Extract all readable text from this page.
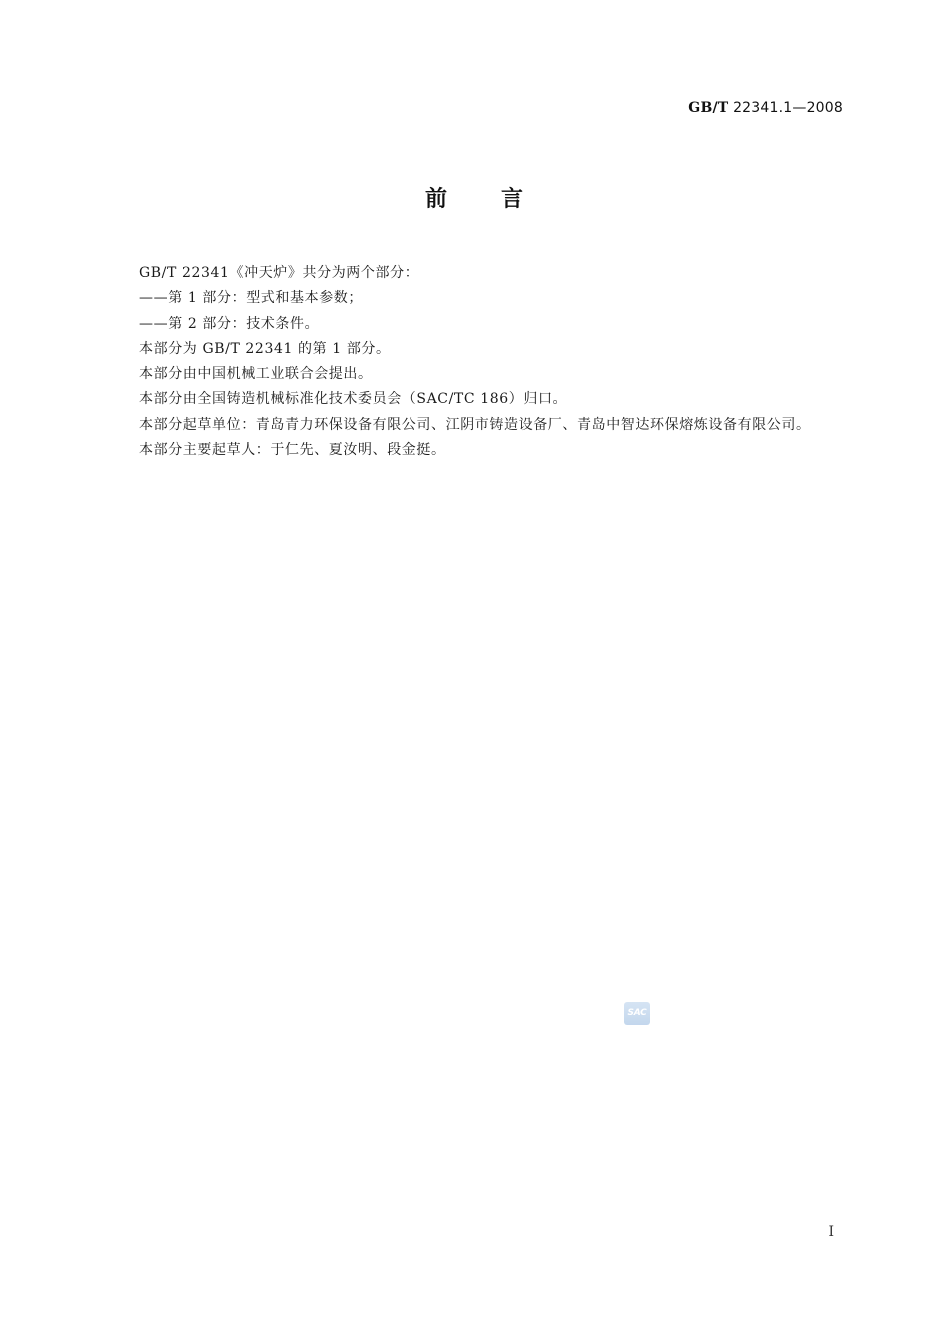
GB/T 22341.1—2008
前 言

GB/T 22341《冲天炉》共分为两个部分：

——第 1 部分：型式和基本参数；

——第 2 部分：技术条件。

本部分为 GB/T 22341 的第 1 部分。

本部分由中国机械工业联合会提出。

本部分由全国铸造机械标准化技术委员会（SAC/TC 186）归口。

本部分起草单位：青岛青力环保设备有限公司、江阴市铸造设备厂、青岛中智达环保熔炼设备有限公司。

本部分主要起草人：于仁先、夏汝明、段金挺。

SAC
I
